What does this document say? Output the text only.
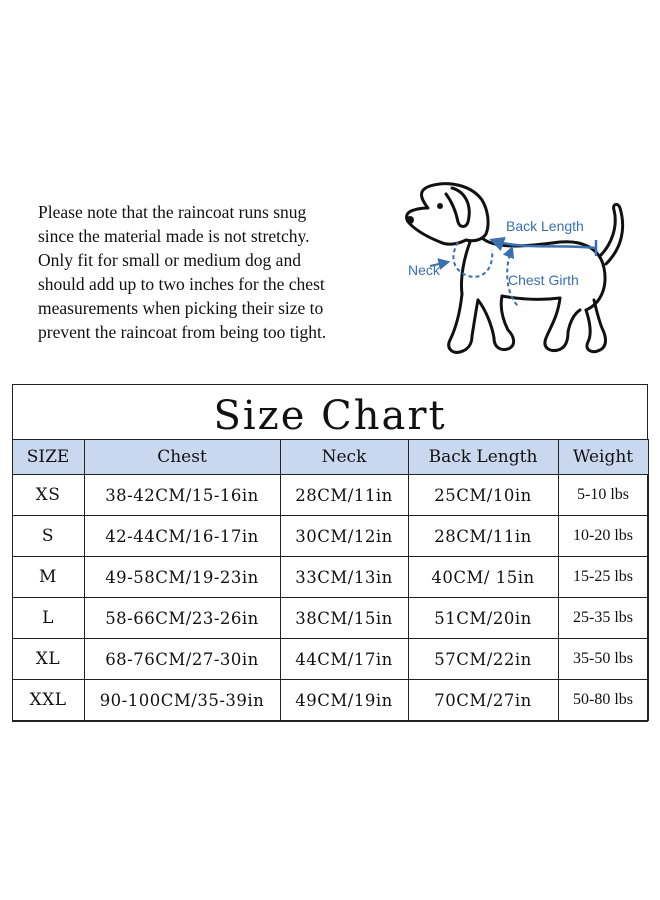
Please note that the raincoat runs snug
since the material made is not stretchy.
Only fit for small or medium dog and
should add up to two inches for the chest
measurements when picking their size to
prevent the raincoat from being too tight.

Back Length
Neck
Chest Girth
Size Chart
SIZE	Chest	Neck	Back Length	Weight
XS	38-42CM/15-16in	28CM/11in	25CM/10in	5-10 lbs
S	42-44CM/16-17in	30CM/12in	28CM/11in	10-20 lbs
M	49-58CM/19-23in	33CM/13in	40CM/ 15in	15-25 lbs
L	58-66CM/23-26in	38CM/15in	51CM/20in	25-35 lbs
XL	68-76CM/27-30in	44CM/17in	57CM/22in	35-50 lbs
XXL	90-100CM/35-39in	49CM/19in	70CM/27in	50-80 lbs
